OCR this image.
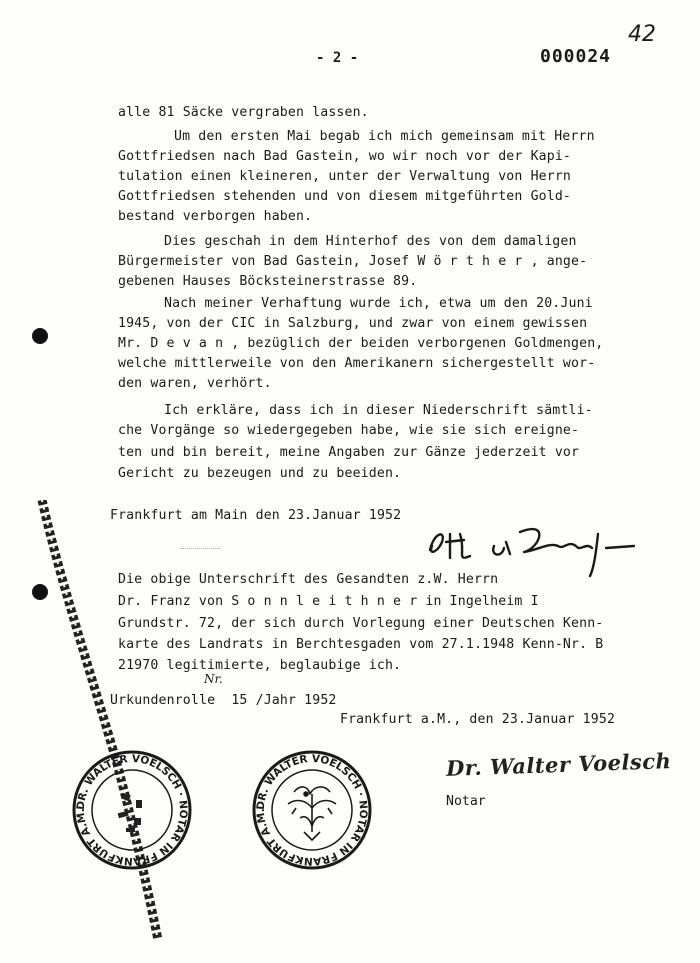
- 2 -	000024
42
alle 81 Säcke vergraben lassen.
Um den ersten Mai begab ich mich gemeinsam mit Herrn
Gottfriedsen nach Bad Gastein, wo wir noch vor der Kapi-
tulation einen kleineren, unter der Verwaltung von Herrn
Gottfriedsen stehenden und von diesem mitgeführten Gold-
bestand verborgen haben.
Dies geschah in dem Hinterhof des von dem damaligen
Bürgermeister von Bad Gastein, Josef W ö r t h e r , ange-
gebenen Hauses Böcksteinerstrasse 89.
Nach meiner Verhaftung wurde ich, etwa um den 20.Juni
1945, von der CIC in Salzburg, und zwar von einem gewissen
Mr. D e v a n , bezüglich der beiden verborgenen Goldmengen,
welche mittlerweile von den Amerikanern sichergestellt wor-
den waren, verhört.
Ich erkläre, dass ich in dieser Niederschrift sämtli-
che Vorgänge so wiedergegeben habe, wie sie sich ereigne-
ten und bin bereit, meine Angaben zur Gänze jederzeit vor
Gericht zu bezeugen und zu beeiden.
Frankfurt am Main den 23.Januar 1952
Die obige Unterschrift des Gesandten z.W. Herrn
Dr. Franz von S o n n l e i t h n e r in Ingelheim I
Grundstr. 72, der sich durch Vorlegung einer Deutschen Kenn-
karte des Landrats in Berchtesgaden vom 27.1.1948 Kenn-Nr. B
21970 legitimierte, beglaubige ich.
Urkundenrolle  15 /Jahr 1952
Nr.
Frankfurt a.M., den 23.Januar 1952
Dr. Walter Voelsch
Notar
DR. WALTER VOELSCH · NOTAR IN FRANKFURT A.M.	DR. WALTER VOELSCH · NOTAR IN FRANKFURT A.M.
